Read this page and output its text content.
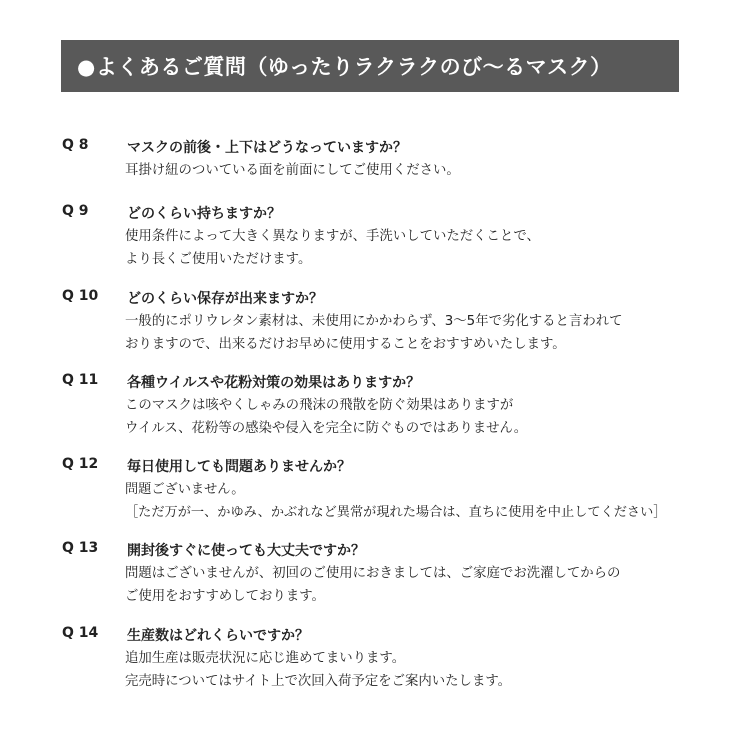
●よくあるご質問（ゆったりラクラクのび〜るマスク）
Q 8	マスクの前後・上下はどうなっていますか？
耳掛け紐のついている面を前面にしてご使用ください。
Q 9	どのくらい持ちますか？
使用条件によって大きく異なりますが、手洗いしていただくことで、
より長くご使用いただけます。
Q 10 どのくらい保存が出来ますか？
一般的にポリウレタン素材は、未使用にかかわらず、3〜5年で劣化すると言われて
おりますので、出来るだけお早めに使用することをおすすめいたします。
Q 11 各種ウイルスや花粉対策の効果はありますか？
このマスクは咳やくしゃみの飛沫の飛散を防ぐ効果はありますが
ウイルス、花粉等の感染や侵入を完全に防ぐものではありません。
Q 12 毎日使用しても問題ありませんか？
問題ございません。
［ただ万が一、かゆみ、かぶれなど異常が現れた場合は、直ちに使用を中止してください］
Q 13 開封後すぐに使っても大丈夫ですか？
問題はございませんが、初回のご使用におきましては、ご家庭でお洗濯してからの
ご使用をおすすめしております。
Q 14 生産数はどれくらいですか？
追加生産は販売状況に応じ進めてまいります。
完売時についてはサイト上で次回入荷予定をご案内いたします。
